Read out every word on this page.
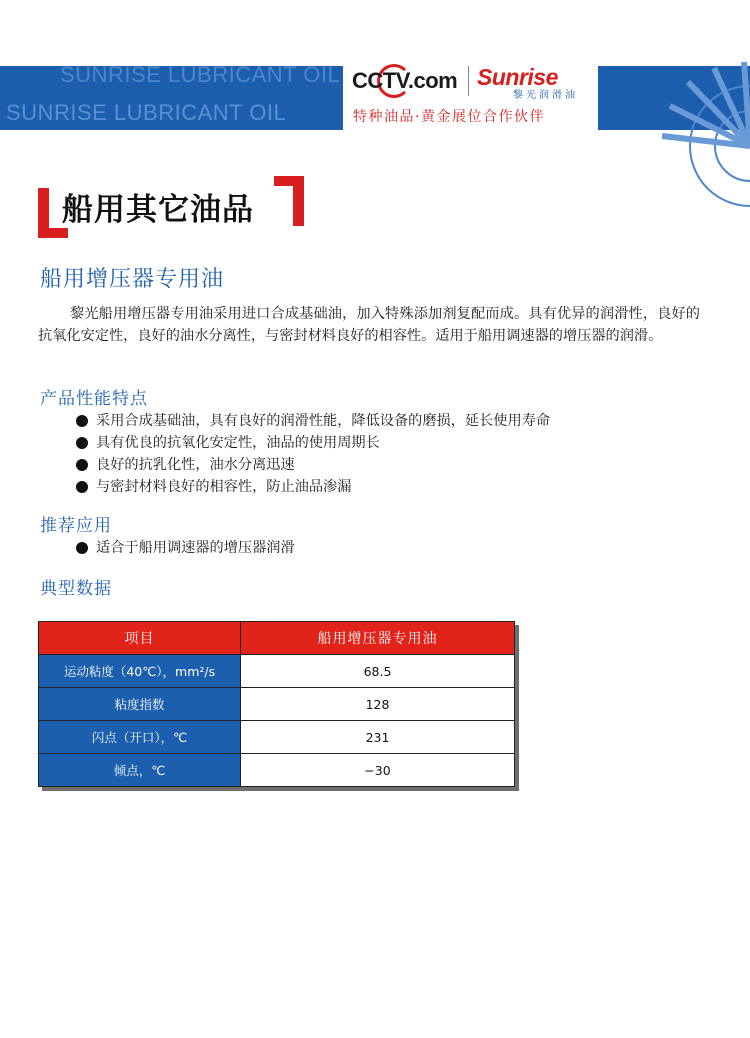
SUNRISE LUBRICANT OIL
SUNRISE LUBRICANT OIL
CCTV.com Sunrise
黎光润滑油
特种油品·黄金展位合作伙伴
船用其它油品
船用增压器专用油
黎光船用增压器专用油采用进口合成基础油，加入特殊添加剂复配而成。具有优异的润滑性，良好的抗氧化安定性，良好的油水分离性，与密封材料良好的相容性。适用于船用调速器的增压器的润滑。
产品性能特点
采用合成基础油，具有良好的润滑性能，降低设备的磨损，延长使用寿命
具有优良的抗氧化安定性，油品的使用周期长
良好的抗乳化性，油水分离迅速
与密封材料良好的相容性，防止油品渗漏
推荐应用
适合于船用调速器的增压器润滑
典型数据
项目	船用增压器专用油
运动粘度（40℃），mm²/s	68.5
粘度指数	128
闪点（开口），℃	231
倾点，℃	−30
